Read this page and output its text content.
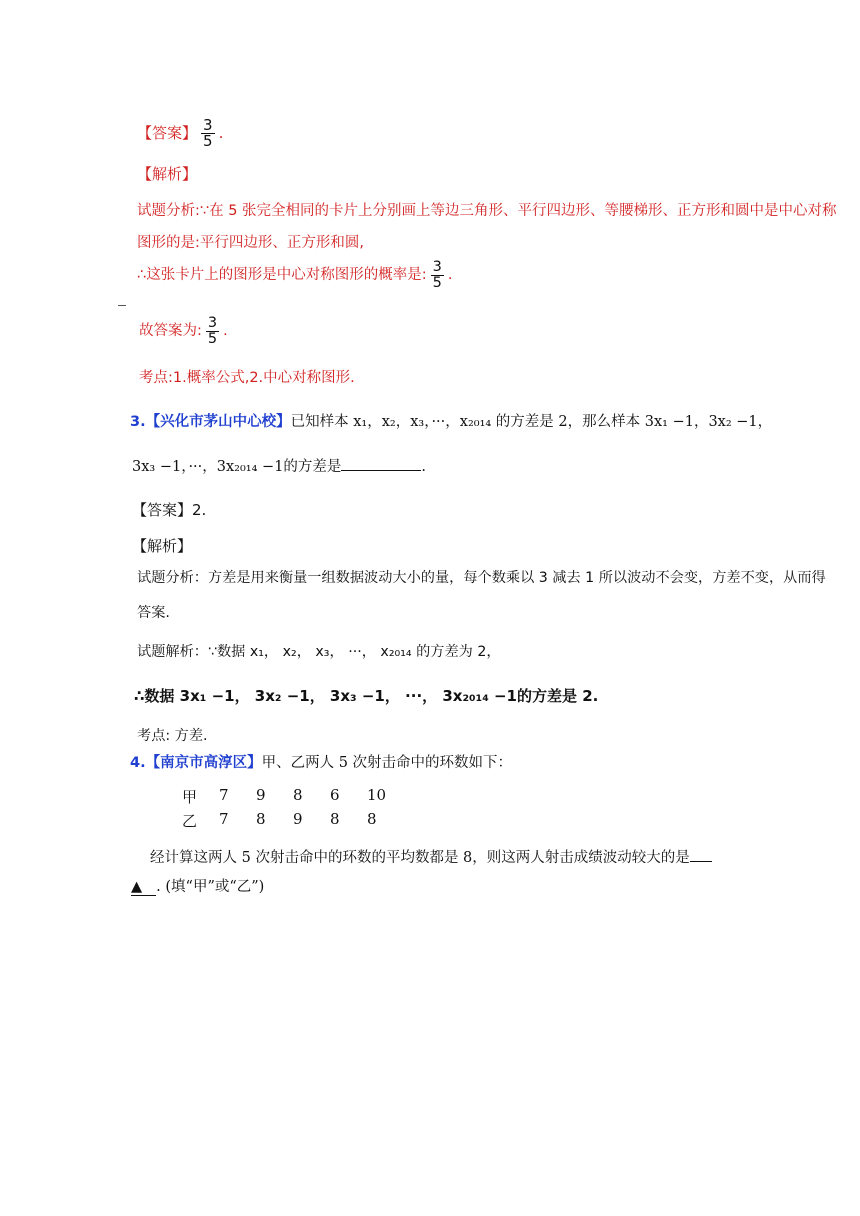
【答案】 $\frac{3}{5}$ .
【解析】
试题分析:∵在 5 张完全相同的卡片上分别画上等边三角形、平行四边形、等腰梯形、正方形和圆中是中心对称
图形的是:平行四边形、正方形和圆,
∴这张卡片上的图形是中心对称图形的概率是: $\frac{3}{5}$ .
故答案为: $\frac{3}{5}$ .
考点:1.概率公式,2.中心对称图形.
3.【兴化市茅山中心校】已知样本 x₁，x₂，x₃，···，x₂₀₁₄ 的方差是 2，那么样本 3x₁ −1，3x₂ −1，
3x₃ −1，···，3x₂₀₁₄ −1的方差是	.
【答案】2.
【解析】
试题分析：方差是用来衡量一组数据波动大小的量，每个数乘以 3 减去 1 所以波动不会变，方差不变，从而得
答案.
试题解析：∵数据 x₁， x₂， x₃， ···， x₂₀₁₄ 的方差为 2，
∴数据 3x₁ −1， 3x₂ −1， 3x₃ −1， ···， 3x₂₀₁₄ −1的方差是 2.
考点: 方差.
4.【南京市高淳区】甲、乙两人 5 次射击命中的环数如下：
甲	7	9	8	6	10
乙	7	8	9	8	8
经计算这两人 5 次射击命中的环数的平均数都是 8，则这两人射击成绩波动较大的是
▲ . (填“甲”或“乙”)
